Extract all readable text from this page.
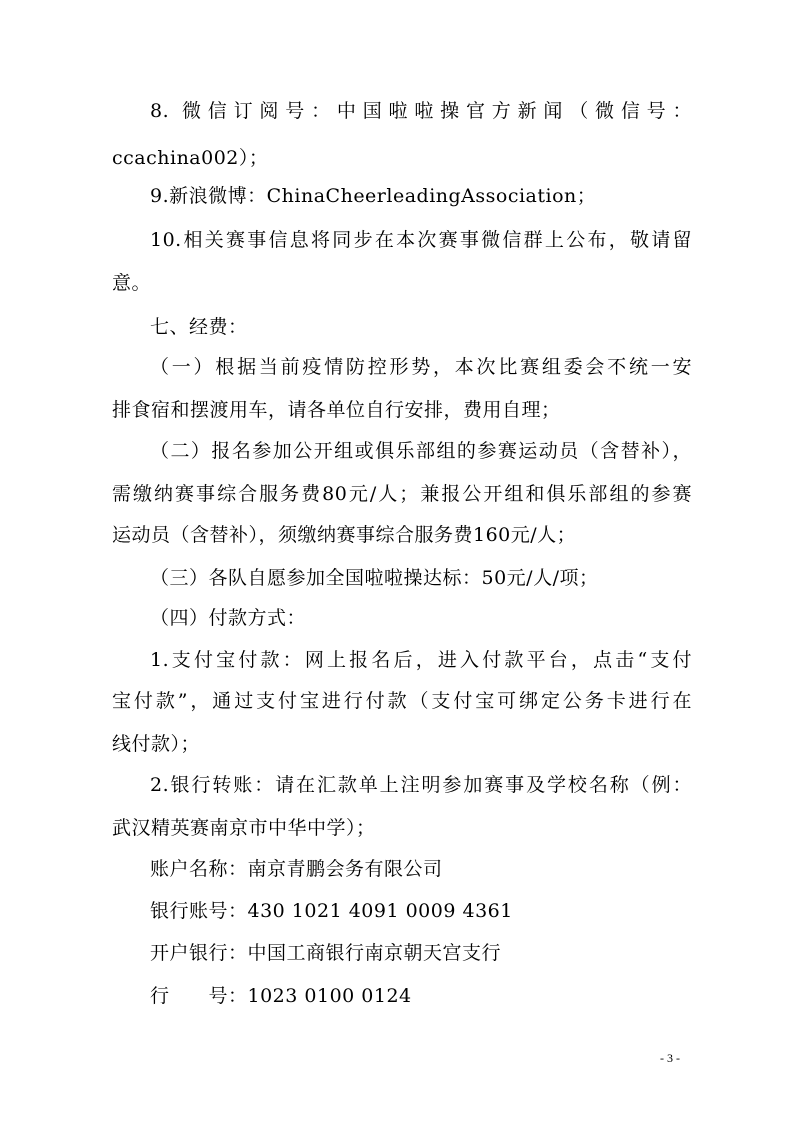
8. 微信订阅号：中国啦啦操官方新闻（微信号：
ccachina002）；
9.新浪微博：ChinaCheerleadingAssociation；
10.相关赛事信息将同步在本次赛事微信群上公布，敬请留
意。
七、经费：
（一）根据当前疫情防控形势，本次比赛组委会不统一安
排食宿和摆渡用车，请各单位自行安排，费用自理；
（二）报名参加公开组或俱乐部组的参赛运动员（含替补），
需缴纳赛事综合服务费80元/人；兼报公开组和俱乐部组的参赛
运动员（含替补），须缴纳赛事综合服务费160元/人；
（三）各队自愿参加全国啦啦操达标：50元/人/项；
（四）付款方式：
1.支付宝付款：网上报名后，进入付款平台，点击“支付
宝付款”，通过支付宝进行付款（支付宝可绑定公务卡进行在
线付款）；
2.银行转账：请在汇款单上注明参加赛事及学校名称（例：
武汉精英赛南京市中华中学）；
账户名称：南京青鹏会务有限公司
银行账号：430 1021 4091 0009 4361
开户银行：中国工商银行南京朝天宫支行
行　　号：1023 0100 0124
- 3 -
